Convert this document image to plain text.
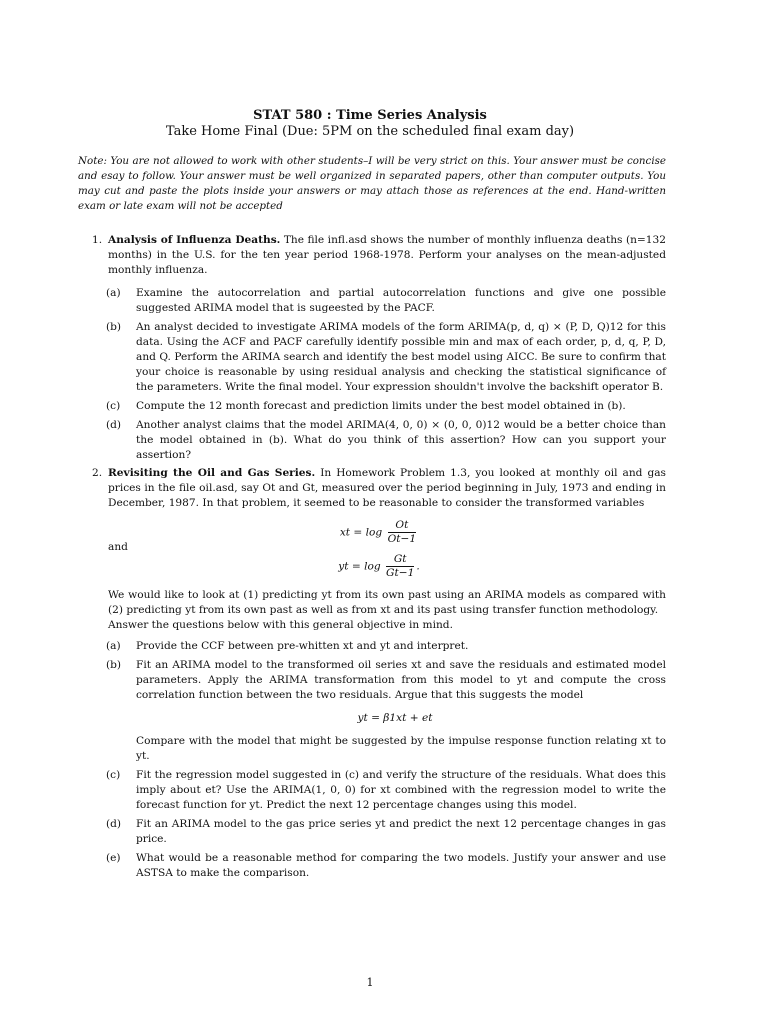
STAT 580 : Time Series Analysis
Take Home Final (Due: 5PM on the scheduled final exam day)
Note: You are not allowed to work with other students–I will be very strict on this. Your answer must be concise and esay to follow. Your answer must be well organized in separated papers, other than computer outputs. You may cut and paste the plots inside your answers or may attach those as references at the end. Hand-written exam or late exam will not be accepted
1. Analysis of Influenza Deaths. The file infl.asd shows the number of monthly influenza deaths (n=132 months) in the U.S. for the ten year period 1968-1978. Perform your analyses on the mean-adjusted monthly influenza.
(a)	Examine the autocorrelation and partial autocorrelation functions and give one possible suggested ARIMA model that is sugeested by the PACF.
(b) An analyst decided to investigate ARIMA models of the form ARIMA(p, d, q) × (P, D, Q)12 for this data. Using the ACF and PACF carefully identify possible min and max of each order, p, d, q, P, D, and Q. Perform the ARIMA search and identify the best model using AICC. Be sure to confirm that your choice is reasonable by using residual analysis and checking the statistical significance of the parameters. Write the final model. Your expression shouldn't involve the backshift operator B.
(c)	Compute the 12 month forecast and prediction limits under the best model obtained in (b).
(d) Another analyst claims that the model ARIMA(4, 0, 0) × (0, 0, 0)12 would be a better choice than the model obtained in (b). What do you think of this assertion? How can you support your assertion?
2. Revisiting the Oil and Gas Series. In Homework Problem 1.3, you looked at monthly oil and gas prices in the file oil.asd, say Ot and Gt, measured over the period beginning in July, 1973 and ending in December, 1987. In that problem, it seemed to be reasonable to consider the transformed variables
xt = $\log \frac{Ot}{Ot-1}$
and
yt = $\log \frac{Gt}{Gt-1}$ .
We would like to look at (1) predicting yt from its own past using an ARIMA models as compared with (2) predicting yt from its own past as well as from xt and its past using transfer function methodology.
Answer the questions below with this general objective in mind.
(a)	Provide the CCF between pre-whitten xt and yt and interpret.
(b) Fit an ARIMA model to the transformed oil series xt and save the residuals and estimated model parameters. Apply the ARIMA transformation from this model to yt and compute the cross correlation function between the two residuals. Argue that this suggests the model
yt = β1xt + et
Compare with the model that might be suggested by the impulse response function relating xt to yt.
(c)	Fit the regression model suggested in (c) and verify the structure of the residuals. What does this imply about et? Use the ARIMA(1, 0, 0) for xt combined with the regression model to write the forecast function for yt. Predict the next 12 percentage changes using this model.
(d) Fit an ARIMA model to the gas price series yt and predict the next 12 percentage changes in gas price.
(e)	What would be a reasonable method for comparing the two models. Justify your answer and use ASTSA to make the comparison.
1
